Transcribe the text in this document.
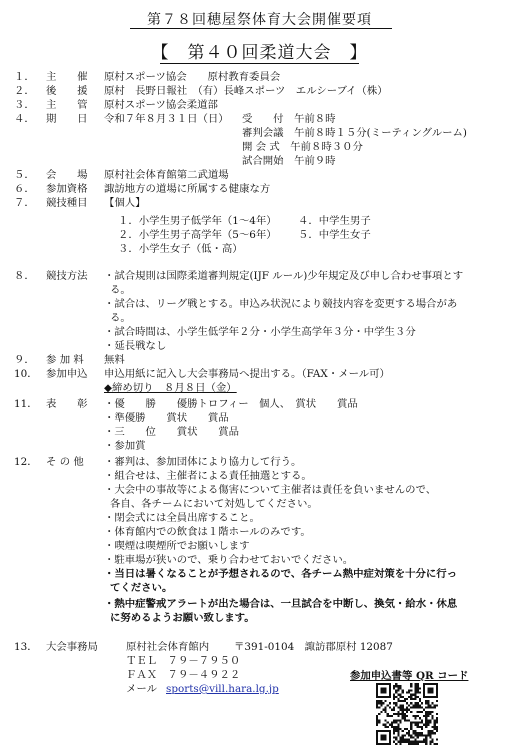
第７８回穂屋祭体育大会開催要項
【　第４０回柔道大会　】
１． 主　　催 原村スポーツ協会　　原村教育委員会
２． 後　　援 原村　長野日報社　（有）長峰スポーツ　エルシーブイ（株）
３． 主　　管 原村スポーツ協会柔道部
４． 期　　日 令和７年８月３１日（日） 受　　付　午前８時
審判会議　午前８時１５分(ミーティングルーム)
開 会 式　午前８時３０分
試合開始　午前９時
５． 会　　場 原村社会体育館第二武道場
６． 参加資格 諏訪地方の道場に所属する健康な方
７． 競技種目 【個人】
１．小学生男子低学年（1～4年） ４．中学生男子
２．小学生男子高学年（5～6年） ５．中学生女子
３．小学生女子（低・高）
８． 競技方法 ・試合規則は国際柔道審判規定(IJF ルール)少年規定及び申し合わせ事項とす
る。
・試合は、リーグ戦とする。申込み状況により競技内容を変更する場合があ
る。
・試合時間は、小学生低学年２分・小学生高学年３分・中学生３分
・延長戦なし
９． 参 加 料 無料
10． 参加申込 申込用紙に記入し大会事務局へ提出する。（FAX・メール可）
◆締め切り　８月８日（金）
11． 表　　彰 ・優　　勝　　優勝トロフィー　個人、　賞状　　賞品
・準優勝　　賞状　　賞品
・三　　位　　賞状　　賞品
・参加賞
12． そ の 他 ・審判は、参加団体により協力して行う。
・組合せは、主催者による責任抽選とする。
・大会中の事故等による傷害について主催者は責任を負いませんので、
各自、各チームにおいて対処してください。
・閉会式には全員出席すること。
・体育館内での飲食は１階ホールのみです。
・喫煙は喫煙所でお願いします
・駐車場が狭いので、乗り合わせておいでください。
・当日は暑くなることが予想されるので、各チーム熱中症対策を十分に行っ
てください。
・熱中症警戒アラートが出た場合は、一旦試合を中断し、換気・給水・休息
に努めるようお願い致します。
13． 大会事務局	原村社会体育館内 〒391-0104　諏訪郡原村 12087
ＴＥＬ　７９－７９５０
ＦＡＸ　７９－４９２２
メール sports@vill.hara.lg.jp
参加申込書等 QR コード
